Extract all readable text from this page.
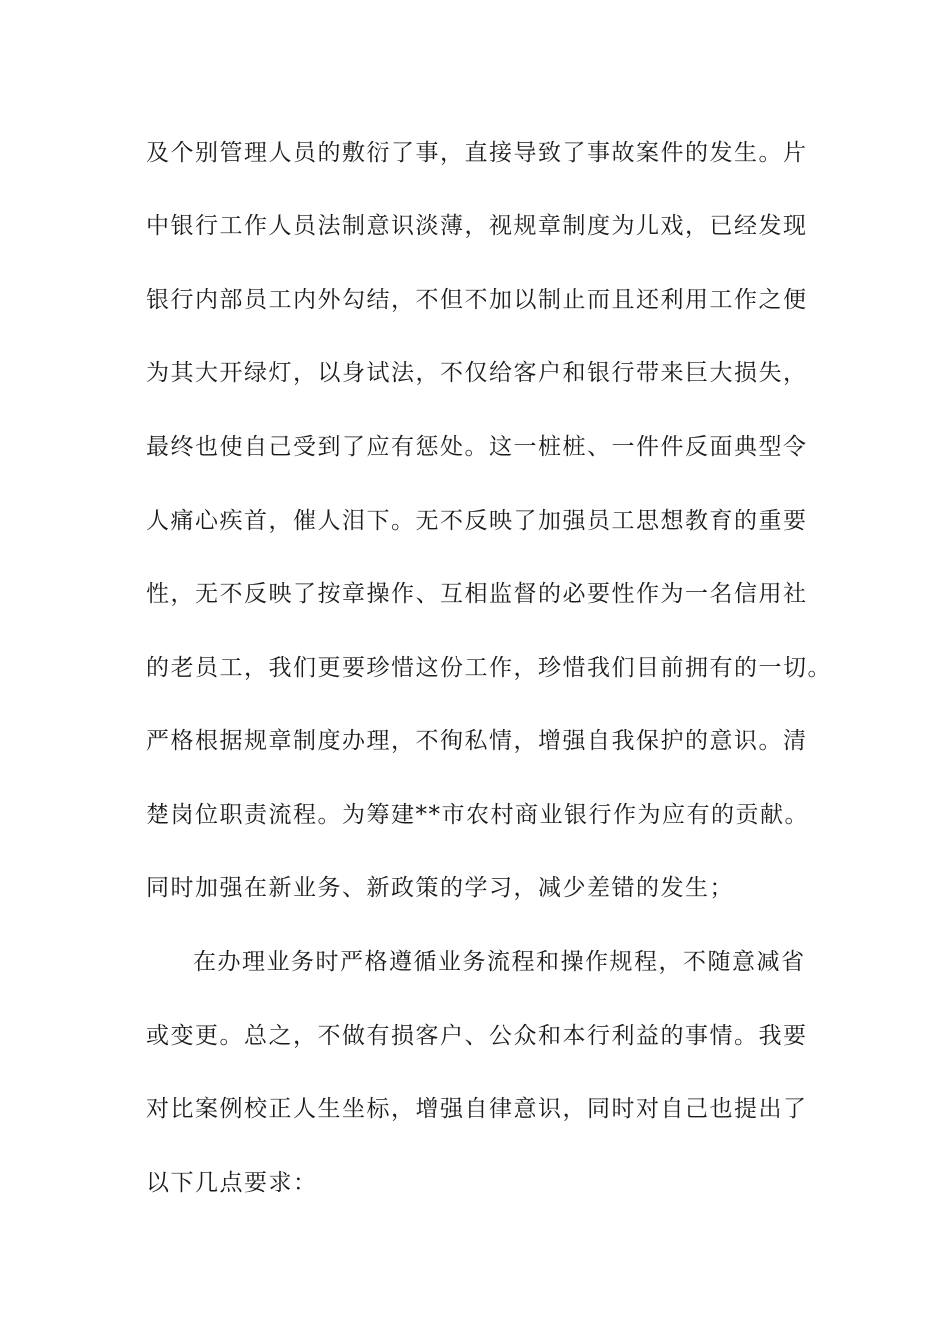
及个别管理人员的敷衍了事，直接导致了事故案件的发生。片
中银行工作人员法制意识淡薄，视规章制度为儿戏，已经发现
银行内部员工内外勾结，不但不加以制止而且还利用工作之便
为其大开绿灯，以身试法，不仅给客户和银行带来巨大损失，
最终也使自己受到了应有惩处。这一桩桩、一件件反面典型令
人痛心疾首，催人泪下。无不反映了加强员工思想教育的重要
性，无不反映了按章操作、互相监督的必要性作为一名信用社
的老员工，我们更要珍惜这份工作，珍惜我们目前拥有的一切。
严格根据规章制度办理，不徇私情，增强自我保护的意识。清
楚岗位职责流程。为筹建**市农村商业银行作为应有的贡献。
同时加强在新业务、新政策的学习，减少差错的发生；
在办理业务时严格遵循业务流程和操作规程，不随意减省
或变更。总之，不做有损客户、公众和本行利益的事情。我要
对比案例校正人生坐标，增强自律意识，同时对自己也提出了
以下几点要求：
